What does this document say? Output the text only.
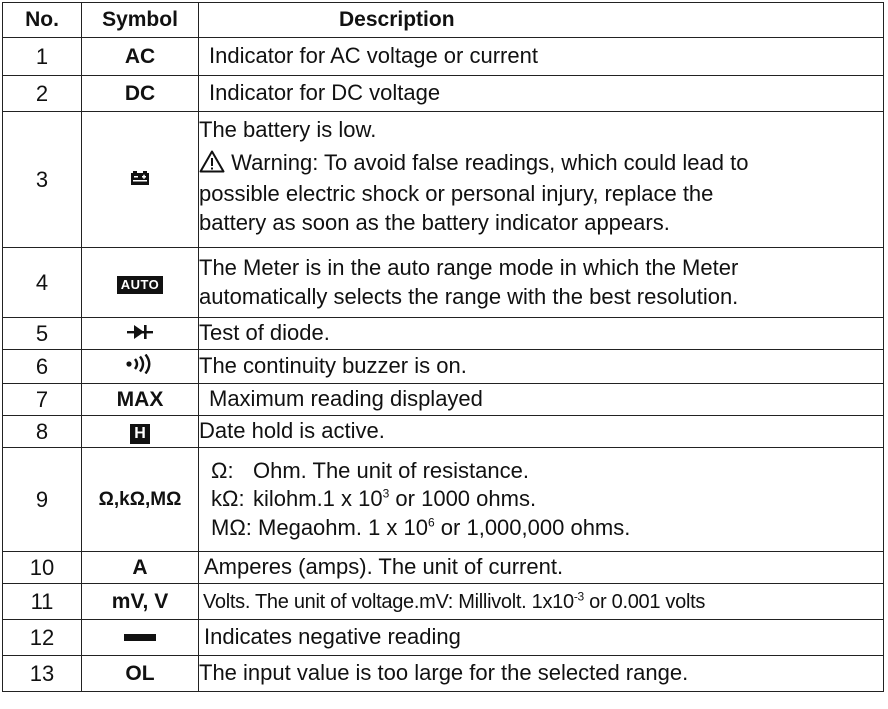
No.	Symbol	Description
1	AC	Indicator for AC voltage or current
2	DC	Indicator for DC voltage
3		The battery is low.
Warning: To avoid false readings, which could lead to
possible electric shock or personal injury, replace the
battery as soon as the battery indicator appears.

4	AUTO	The Meter is in the auto range mode in which the Meter
automatically selects the range with the best resolution.

5		Test of diode.
6		The continuity buzzer is on.
7	MAX	Maximum reading displayed
8	H	Date hold is active.
9	Ω,kΩ,MΩ	Ω: Ohm. The unit of resistance.
kΩ: kilohm.1 x $10^3$ or 1000 ohms.
MΩ: Megaohm. 1 x $10^6$ or 1,000,000 ohms.

10	A	Amperes (amps). The unit of current.
11	mV, V	Volts. The unit of voltage.mV: Millivolt. $1x10^{-3}$ or 0.001 volts
12		Indicates negative reading
13	OL	The input value is too large for the selected range.
